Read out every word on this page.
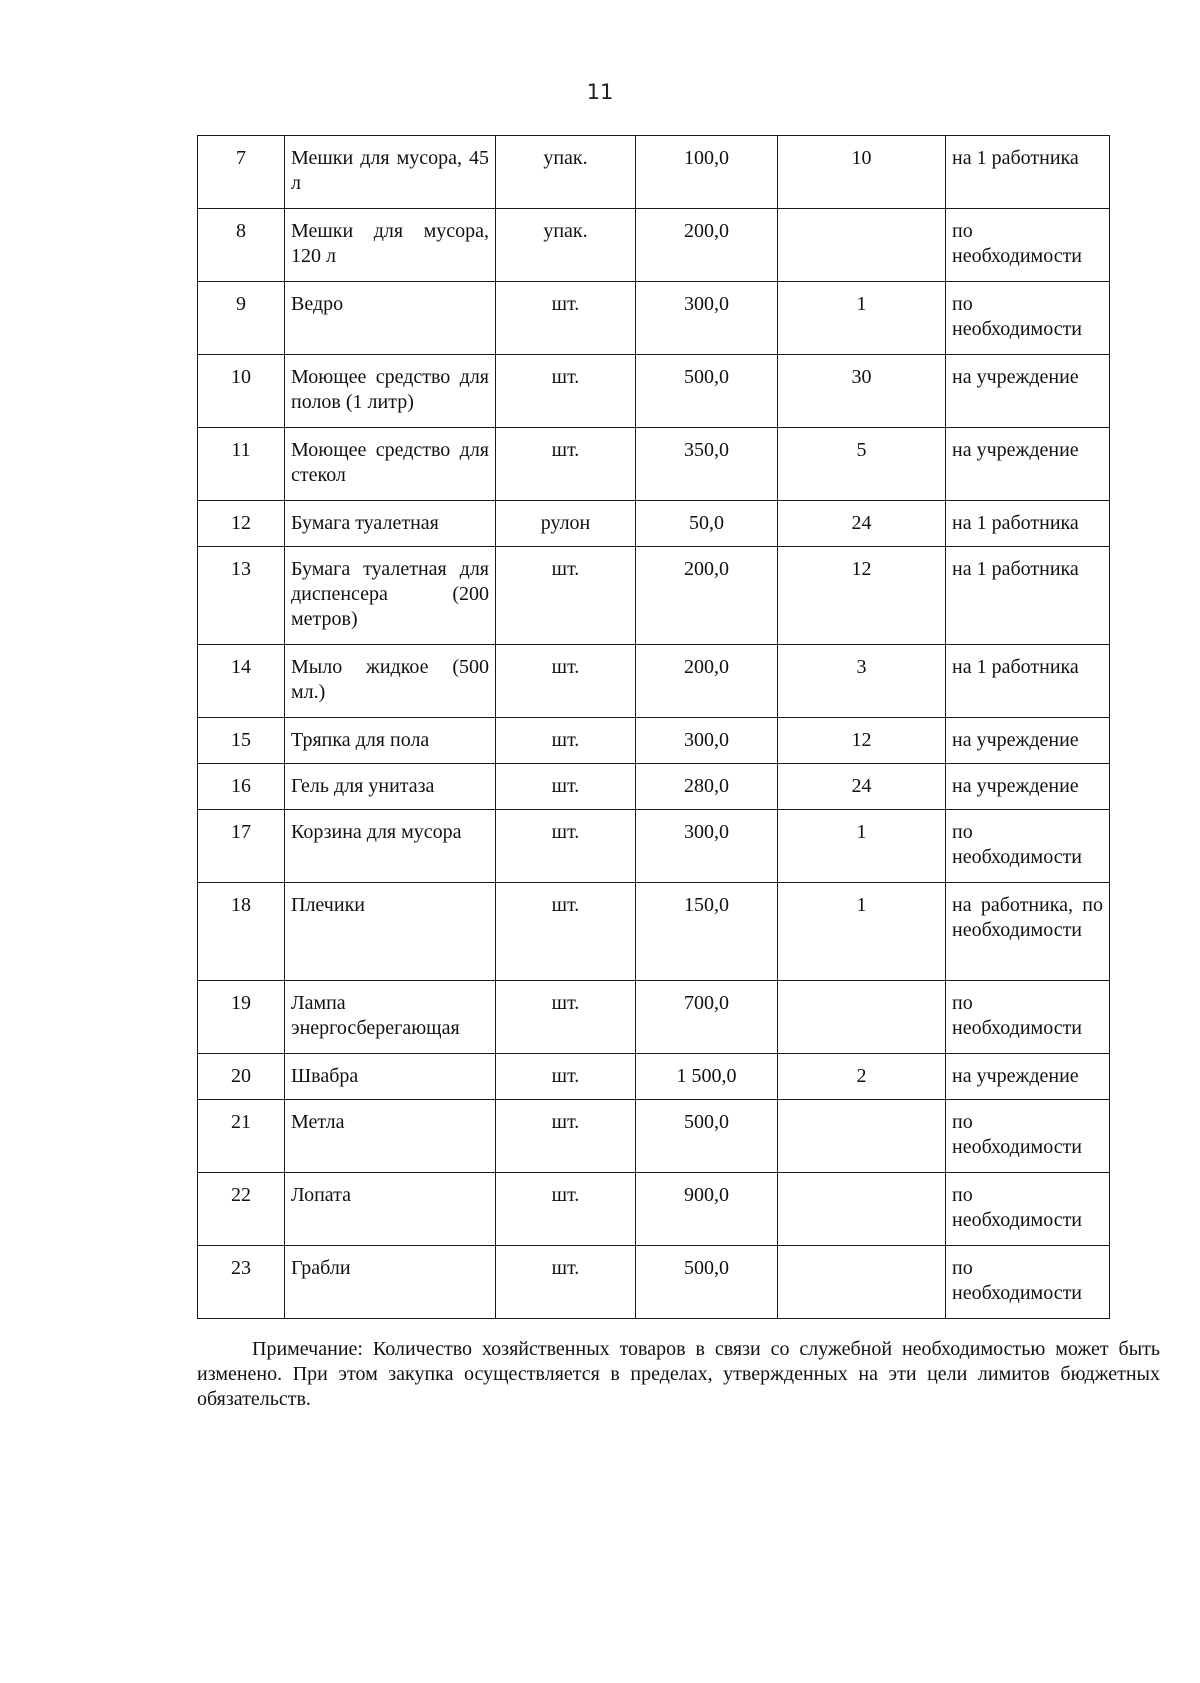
11
7	Мешки для мусора, 45 л	упак.	100,0	10	на 1 работника
8	Мешки для мусора, 120 л	упак.	200,0		по необходимости
9	Ведро	шт.	300,0	1	по необходимости
10	Моющее средство для полов (1 литр)	шт.	500,0	30	на учреждение
11	Моющее средство для стекол	шт.	350,0	5	на учреждение
12	Бумага туалетная	рулон	50,0	24	на 1 работника
13	Бумага туалетная для диспенсера (200 метров)	шт.	200,0	12	на 1 работника
14	Мыло жидкое (500 мл.)	шт.	200,0	3	на 1 работника
15	Тряпка для пола	шт.	300,0	12	на учреждение
16	Гель для унитаза	шт.	280,0	24	на учреждение
17	Корзина для мусора	шт.	300,0	1	по необходимости
18	Плечики	шт.	150,0	1	на работника, по необходимости
19	Лампа энергосберегающая	шт.	700,0		по необходимости
20	Швабра	шт.	1 500,0	2	на учреждение
21	Метла	шт.	500,0		по необходимости
22	Лопата	шт.	900,0		по необходимости
23	Грабли	шт.	500,0		по необходимости

Примечание: Количество хозяйственных товаров в связи со служебной необходимостью может быть изменено. При этом закупка осуществляется в пределах, утвержденных на эти цели лимитов бюджетных обязательств.
